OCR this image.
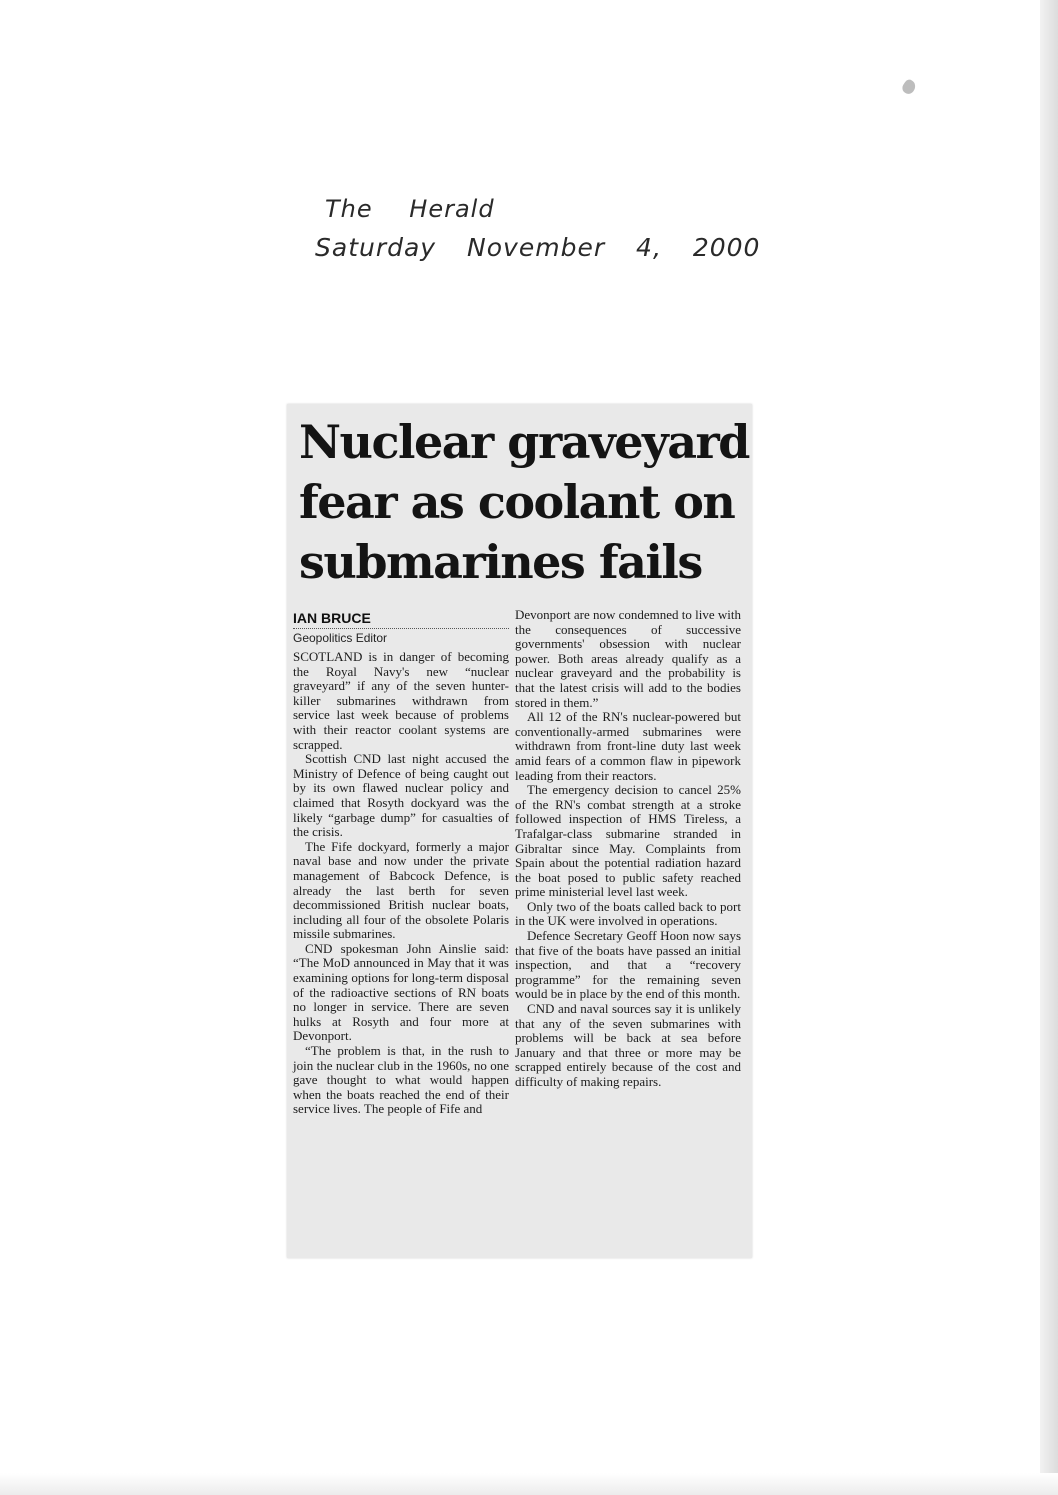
The Herald
Saturday November 4, 2000
Nuclear graveyard
fear as coolant on
submarines fails
IAN BRUCE
Geopolitics Editor

SCOTLAND is in danger of becoming the Royal Navy's new “nuclear graveyard” if any of the seven hunter-killer submarines withdrawn from service last week because of problems with their reactor coolant systems are scrapped.

Scottish CND last night accused the Ministry of Defence of being caught out by its own flawed nuclear policy and claimed that Rosyth dockyard was the likely “garbage dump” for casualties of the crisis.

The Fife dockyard, formerly a major naval base and now under the private management of Babcock Defence, is already the last berth for seven decommissioned British nuclear boats, including all four of the obsolete Polaris missile submarines.

CND spokesman John Ainslie said: “The MoD announced in May that it was examining options for long-term disposal of the radioactive sections of RN boats no longer in service. There are seven hulks at Rosyth and four more at Devonport.

“The problem is that, in the rush to join the nuclear club in the 1960s, no one gave thought to what would happen when the boats reached the end of their service lives. The people of Fife and

Devonport are now condemned to live with the consequences of successive governments' obsession with nuclear power. Both areas already qualify as a nuclear graveyard and the probability is that the latest crisis will add to the bodies stored in them.”

All 12 of the RN's nuclear-powered but conventionally-armed submarines were withdrawn from front-line duty last week amid fears of a common flaw in pipework leading from their reactors.

The emergency decision to cancel 25% of the RN's combat strength at a stroke followed inspection of HMS Tireless, a Trafalgar-class submarine stranded in Gibraltar since May. Complaints from Spain about the potential radiation hazard the boat posed to public safety reached prime ministerial level last week.

Only two of the boats called back to port in the UK were involved in operations.

Defence Secretary Geoff Hoon now says that five of the boats have passed an initial inspection, and that a “recovery programme” for the remaining seven would be in place by the end of this month.

CND and naval sources say it is unlikely that any of the seven submarines with problems will be back at sea before January and that three or more may be scrapped entirely because of the cost and difficulty of making repairs.
